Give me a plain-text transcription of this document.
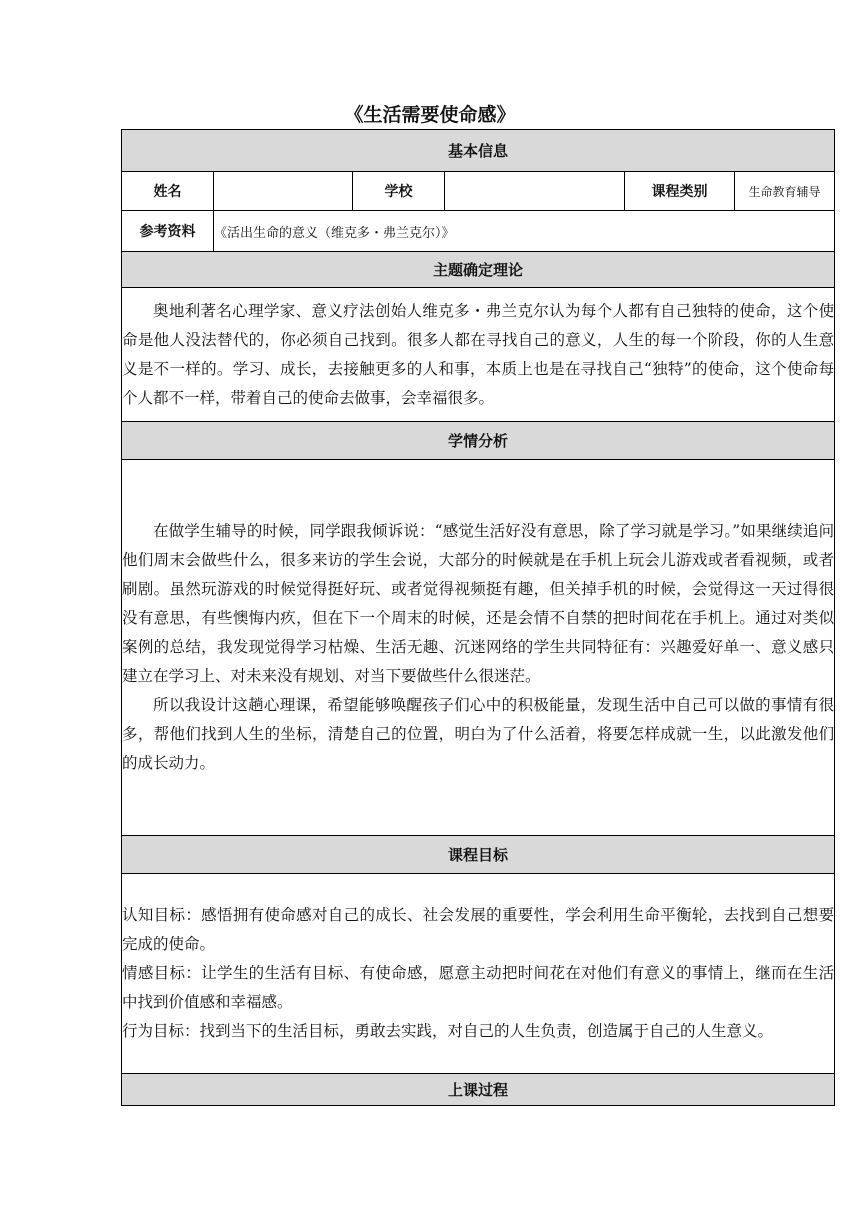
《生活需要使命感》
基本信息					
姓名		学校		课程类别	生命教育辅导
参考资料	《活出生命的意义（维克多・弗兰克尔）》				
主题确定理论					

奥地利著名心理学家、意义疗法创始人维克多・弗兰克尔认为每个人都有自己独特的使命，这个使命是他人没法替代的，你必须自己找到。很多人都在寻找自己的意义，人生的每一个阶段，你的人生意义是不一样的。学习、成长，去接触更多的人和事，本质上也是在寻找自己“独特”的使命，这个使命每个人都不一样，带着自己的使命去做事，会幸福很多。					

学情分析					

在做学生辅导的时候，同学跟我倾诉说：“感觉生活好没有意思，除了学习就是学习。”如果继续追问他们周末会做些什么，很多来访的学生会说，大部分的时候就是在手机上玩会儿游戏或者看视频，或者刷剧。虽然玩游戏的时候觉得挺好玩、或者觉得视频挺有趣，但关掉手机的时候，会觉得这一天过得很没有意思，有些懊悔内疚，但在下一个周末的时候，还是会情不自禁的把时间花在手机上。通过对类似案例的总结，我发现觉得学习枯燥、生活无趣、沉迷网络的学生共同特征有：兴趣爱好单一、意义感只建立在学习上、对未来没有规划、对当下要做些什么很迷茫。

所以我设计这趟心理课，希望能够唤醒孩子们心中的积极能量，发现生活中自己可以做的事情有很多，帮他们找到人生的坐标，清楚自己的位置，明白为了什么活着，将要怎样成就一生，以此激发他们的成长动力。					

课程目标					

认知目标：感悟拥有使命感对自己的成长、社会发展的重要性，学会利用生命平衡轮，去找到自己想要完成的使命。

情感目标：让学生的生活有目标、有使命感，愿意主动把时间花在对他们有意义的事情上，继而在生活中找到价值感和幸福感。

行为目标：找到当下的生活目标，勇敢去实践，对自己的人生负责，创造属于自己的人生意义。					

上课过程					
